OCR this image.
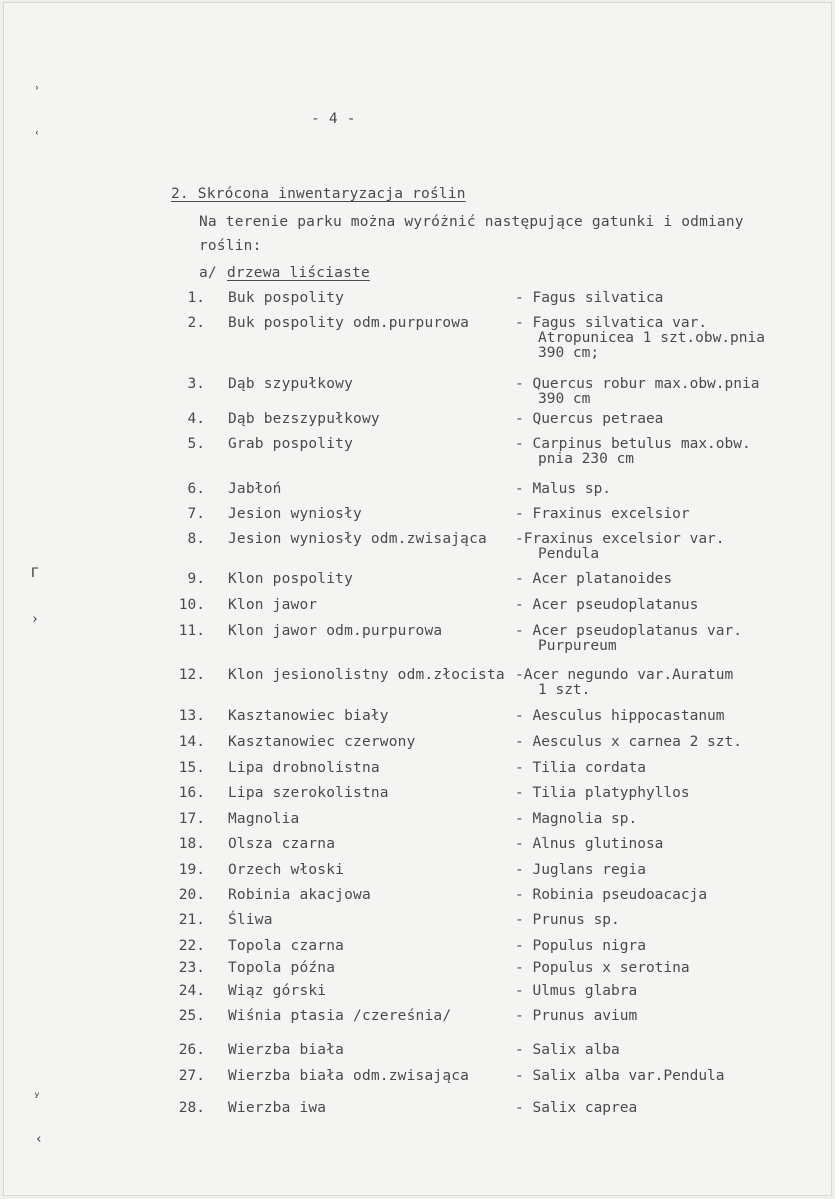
ʾ
ʿ
ᒥ
›
ʸ
‹
- 4 -
2. Skrócona inwentaryzacja roślin
Na terenie parku można wyróżnić następujące gatunki i odmiany
roślin:
a/ drzewa liściaste
1. Buk pospolity	- Fagus silvatica
2. Buk pospolity odm.purpurowa	- Fagus silvatica var.
Atropunicea 1 szt.obw.pnia
390 cm;
3. Dąb szypułkowy	- Quercus robur max.obw.pnia
390 cm
4. Dąb bezszypułkowy	- Quercus petraea
5. Grab pospolity	- Carpinus betulus max.obw.
pnia 230 cm
6. Jabłoń	- Malus sp.
7. Jesion wyniosły	- Fraxinus excelsior
8. Jesion wyniosły odm.zwisająca -Fraxinus excelsior var.
Pendula
9. Klon pospolity	- Acer platanoides
10. Klon jawor	- Acer pseudoplatanus
11. Klon jawor odm.purpurowa	- Acer pseudoplatanus var.
Purpureum
12. Klon jesionolistny odm.złocista -Acer negundo var.Auratum
1 szt.
13. Kasztanowiec biały	- Aesculus hippocastanum
14. Kasztanowiec czerwony	- Aesculus x carnea 2 szt.
15. Lipa drobnolistna	- Tilia cordata
16. Lipa szerokolistna	- Tilia platyphyllos
17. Magnolia	- Magnolia sp.
18. Olsza czarna	- Alnus glutinosa
19. Orzech włoski	- Juglans regia
20. Robinia akacjowa	- Robinia pseudoacacja
21. Śliwa	- Prunus sp.
22. Topola czarna	- Populus nigra
23. Topola późna	- Populus x serotina
24. Wiąz górski	- Ulmus glabra
25. Wiśnia ptasia /czereśnia/	- Prunus avium
26. Wierzba biała	- Salix alba
27. Wierzba biała odm.zwisająca	- Salix alba var.Pendula
28. Wierzba iwa	- Salix caprea
